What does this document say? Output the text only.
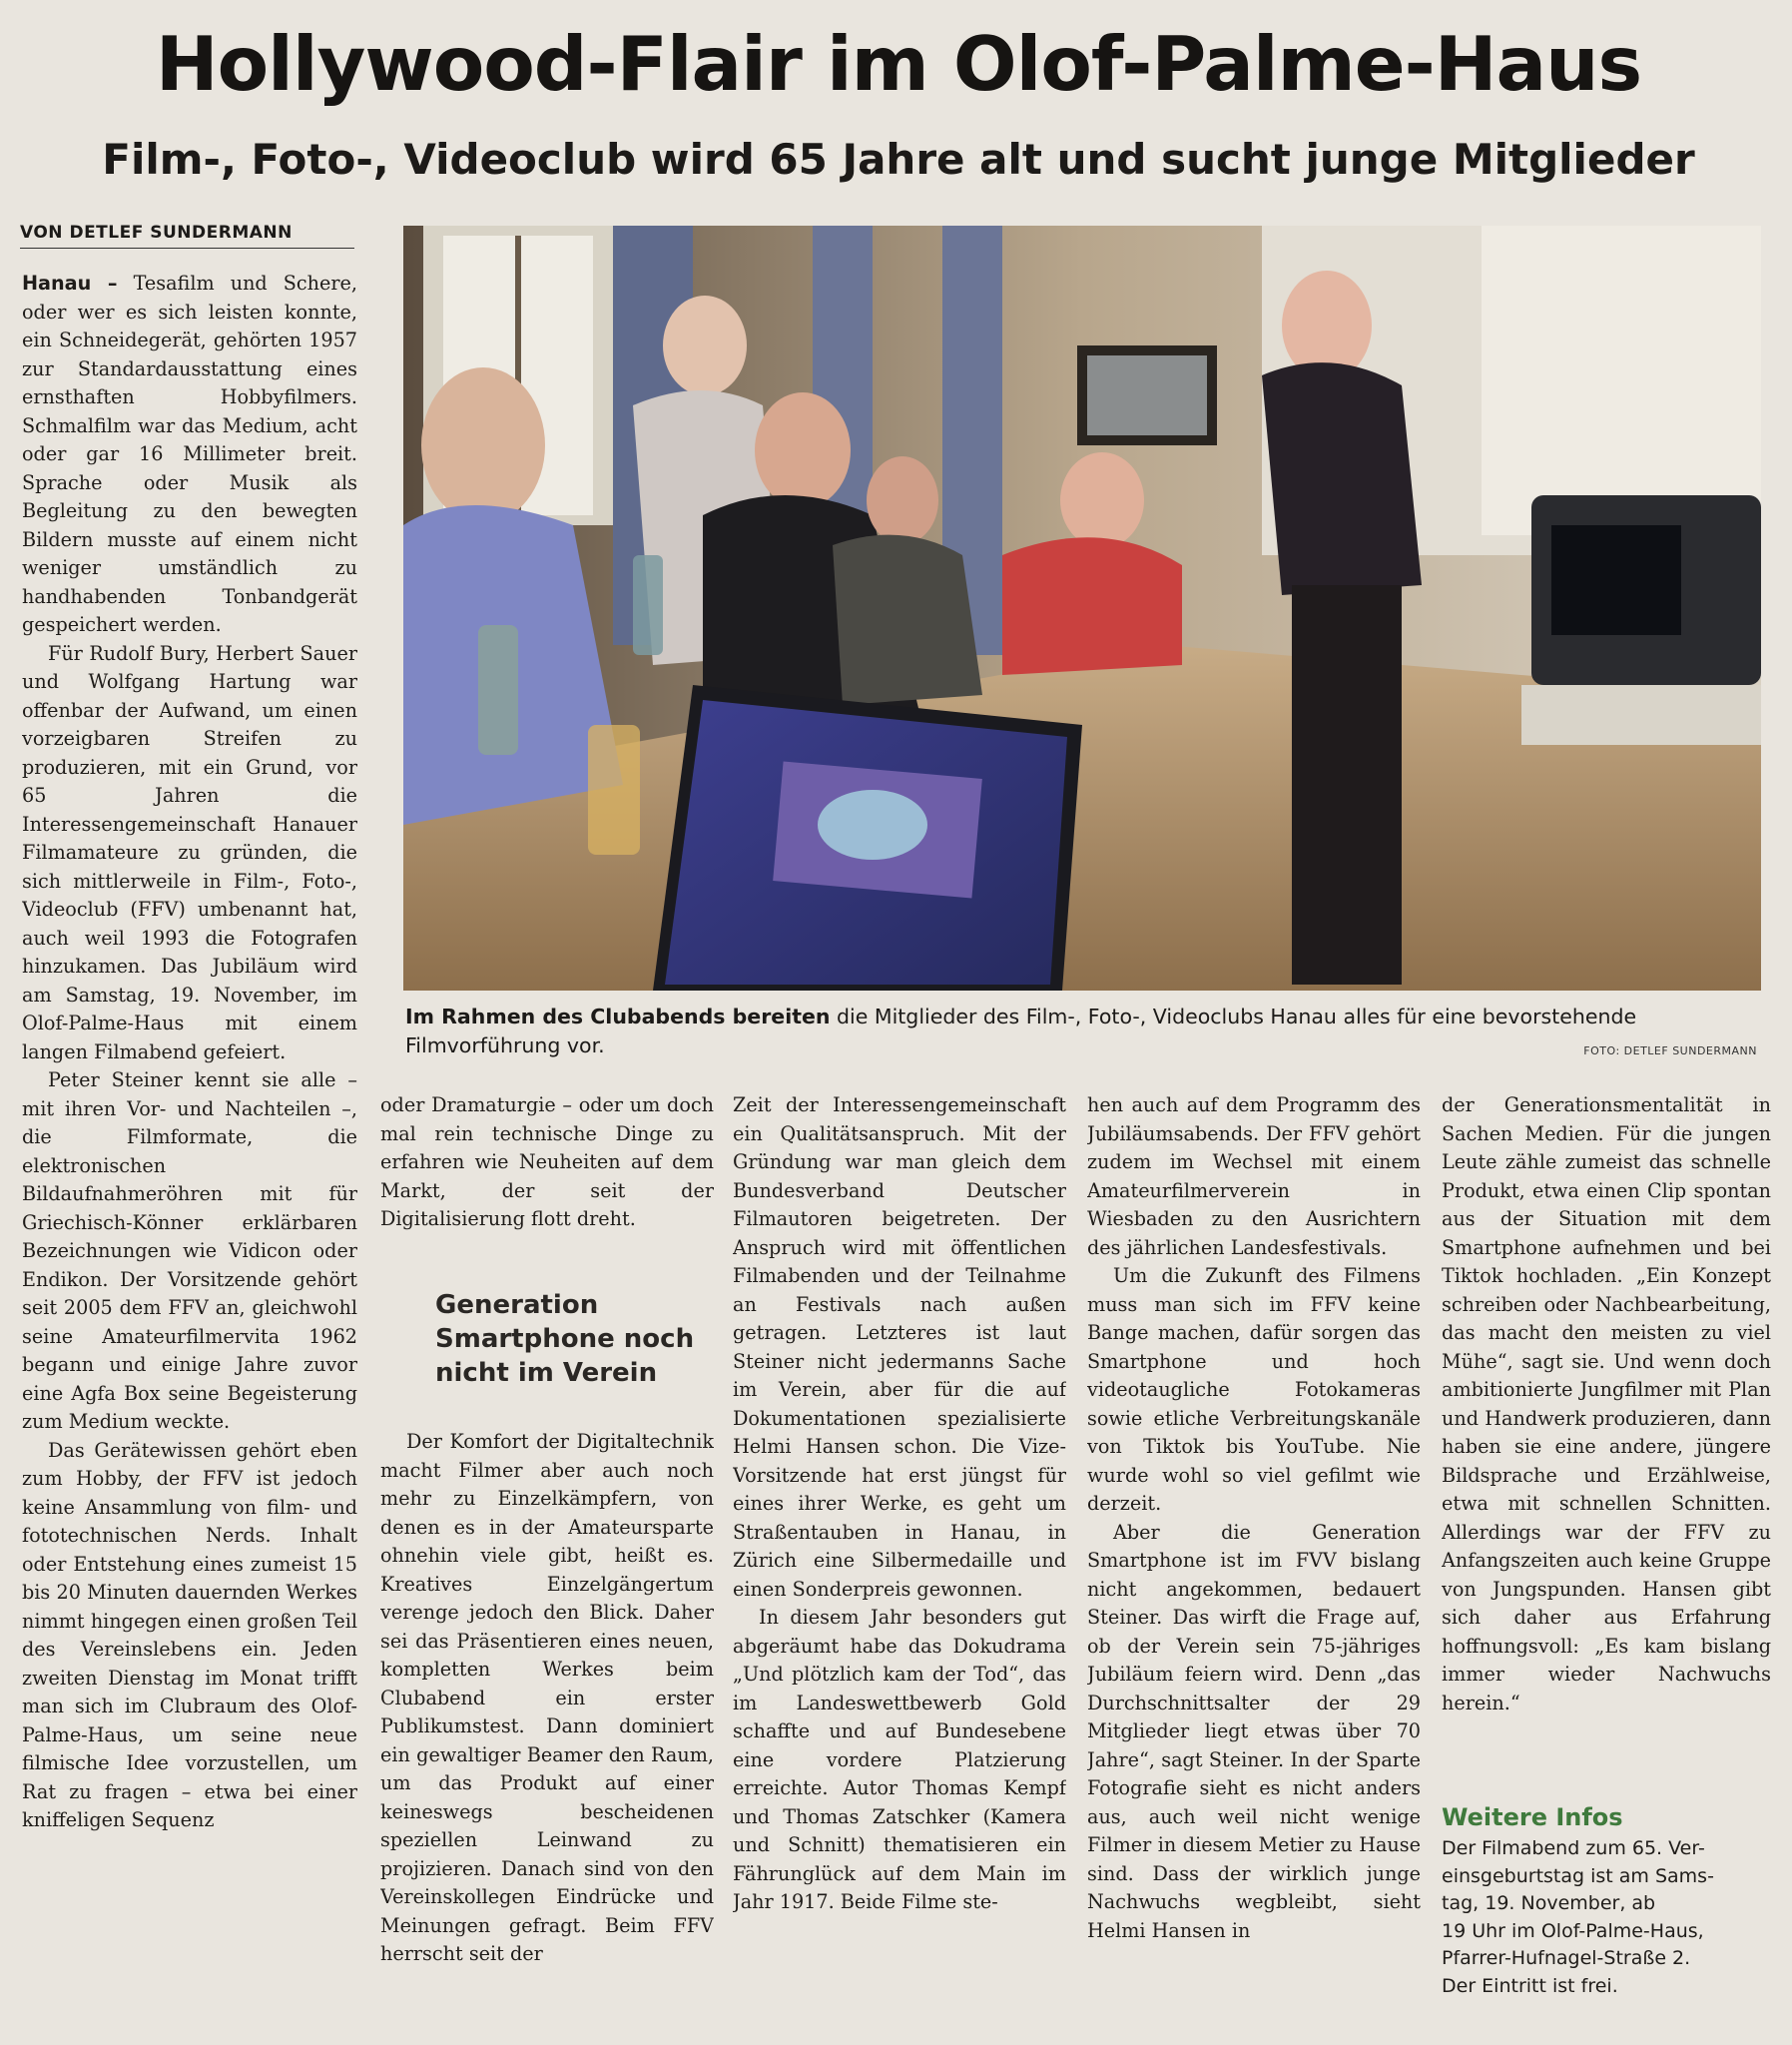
Hollywood-Flair im Olof-Palme-Haus
Film-, Foto-, Videoclub wird 65 Jahre alt und sucht junge Mitglieder
VON DETLEF SUNDERMANN

Hanau – Tesafilm und Schere, oder wer es sich leisten konnte, ein Schneidegerät, gehörten 1957 zur Standardausstattung eines ernsthaften Hobbyfilmers. Schmalfilm war das Medium, acht oder gar 16 Millimeter breit. Sprache oder Musik als Begleitung zu den bewegten Bildern musste auf einem nicht weniger umständlich zu handhabenden Tonbandgerät gespeichert werden.

Für Rudolf Bury, Herbert Sauer und Wolfgang Hartung war offenbar der Aufwand, um einen vorzeigbaren Streifen zu produzieren, mit ein Grund, vor 65 Jahren die Interessengemeinschaft Hanauer Filmamateure zu gründen, die sich mittlerweile in Film-, Foto-, Videoclub (FFV) umbenannt hat, auch weil 1993 die Fotografen hinzukamen. Das Jubiläum wird am Samstag, 19. November, im Olof-Palme-Haus mit einem langen Filmabend gefeiert.

Peter Steiner kennt sie alle – mit ihren Vor- und Nachteilen –, die Filmformate, die elektronischen Bildaufnahmeröhren mit für Griechisch-Könner erklärbaren Bezeichnungen wie Vidicon oder Endikon. Der Vorsitzende gehört seit 2005 dem FFV an, gleichwohl seine Amateurfilmervita 1962 begann und einige Jahre zuvor eine Agfa Box seine Begeisterung zum Medium weckte.

Das Gerätewissen gehört eben zum Hobby, der FFV ist jedoch keine Ansammlung von film- und fototechnischen Nerds. Inhalt oder Entstehung eines zumeist 15 bis 20 Minuten dauernden Werkes nimmt hingegen einen großen Teil des Vereinslebens ein. Jeden zweiten Dienstag im Monat trifft man sich im Clubraum des Olof-Palme-Haus, um seine neue filmische Idee vorzustellen, um Rat zu fragen – etwa bei einer kniffeligen Sequenz

Im Rahmen des Clubabends bereiten die Mitglieder des Film-, Foto-, Videoclubs Hanau alles für eine bevorstehende Filmvorführung vor.	FOTO: DETLEF SUNDERMANN

oder Dramaturgie – oder um doch mal rein technische Dinge zu erfahren wie Neuheiten auf dem Markt, der seit der Digitalisierung flott dreht.

Generation Smartphone noch nicht im Verein

Der Komfort der Digitaltechnik macht Filmer aber auch noch mehr zu Einzelkämpfern, von denen es in der Amateursparte ohnehin viele gibt, heißt es. Kreatives Einzelgängertum verenge jedoch den Blick. Daher sei das Präsentieren eines neuen, kompletten Werkes beim Clubabend ein erster Publikumstest. Dann dominiert ein gewaltiger Beamer den Raum, um das Produkt auf einer keineswegs bescheidenen speziellen Leinwand zu projizieren. Danach sind von den Vereinskollegen Eindrücke und Meinungen gefragt. Beim FFV herrscht seit der

Zeit der Interessengemeinschaft ein Qualitätsanspruch. Mit der Gründung war man gleich dem Bundesverband Deutscher Filmautoren beigetreten. Der Anspruch wird mit öffentlichen Filmabenden und der Teilnahme an Festivals nach außen getragen. Letzteres ist laut Steiner nicht jedermanns Sache im Verein, aber für die auf Dokumentationen spezialisierte Helmi Hansen schon. Die Vize-Vorsitzende hat erst jüngst für eines ihrer Werke, es geht um Straßentauben in Hanau, in Zürich eine Silbermedaille und einen Sonderpreis gewonnen.

In diesem Jahr besonders gut abgeräumt habe das Dokudrama „Und plötzlich kam der Tod“, das im Landeswettbewerb Gold schaffte und auf Bundesebene eine vordere Platzierung erreichte. Autor Thomas Kempf und Thomas Zatschker (Kamera und Schnitt) thematisieren ein Fährunglück auf dem Main im Jahr 1917. Beide Filme ste-

hen auch auf dem Programm des Jubiläumsabends. Der FFV gehört zudem im Wechsel mit einem Amateurfilmerverein in Wiesbaden zu den Ausrichtern des jährlichen Landesfestivals.

Um die Zukunft des Filmens muss man sich im FFV keine Bange machen, dafür sorgen das Smartphone und hoch videotaugliche Fotokameras sowie etliche Verbreitungskanäle von Tiktok bis YouTube. Nie wurde wohl so viel gefilmt wie derzeit.

Aber die Generation Smartphone ist im FVV bislang nicht angekommen, bedauert Steiner. Das wirft die Frage auf, ob der Verein sein 75-jähriges Jubiläum feiern wird. Denn „das Durchschnittsalter der 29 Mitglieder liegt etwas über 70 Jahre“, sagt Steiner. In der Sparte Fotografie sieht es nicht anders aus, auch weil nicht wenige Filmer in diesem Metier zu Hause sind. Dass der wirklich junge Nachwuchs wegbleibt, sieht Helmi Hansen in

der Generationsmentalität in Sachen Medien. Für die jungen Leute zähle zumeist das schnelle Produkt, etwa einen Clip spontan aus der Situation mit dem Smartphone aufnehmen und bei Tiktok hochladen. „Ein Konzept schreiben oder Nachbearbeitung, das macht den meisten zu viel Mühe“, sagt sie. Und wenn doch ambitionierte Jungfilmer mit Plan und Handwerk produzieren, dann haben sie eine andere, jüngere Bildsprache und Erzählweise, etwa mit schnellen Schnitten. Allerdings war der FFV zu Anfangszeiten auch keine Gruppe von Jungspunden. Hansen gibt sich daher aus Erfahrung hoffnungsvoll: „Es kam bislang immer wieder Nachwuchs herein.“

Weitere Infos
Der Filmabend zum 65. Ver-
einsgeburtstag ist am Sams-
tag, 19. November, ab
19 Uhr im Olof-Palme-Haus,
Pfarrer-Hufnagel-Straße 2.
Der Eintritt ist frei.
